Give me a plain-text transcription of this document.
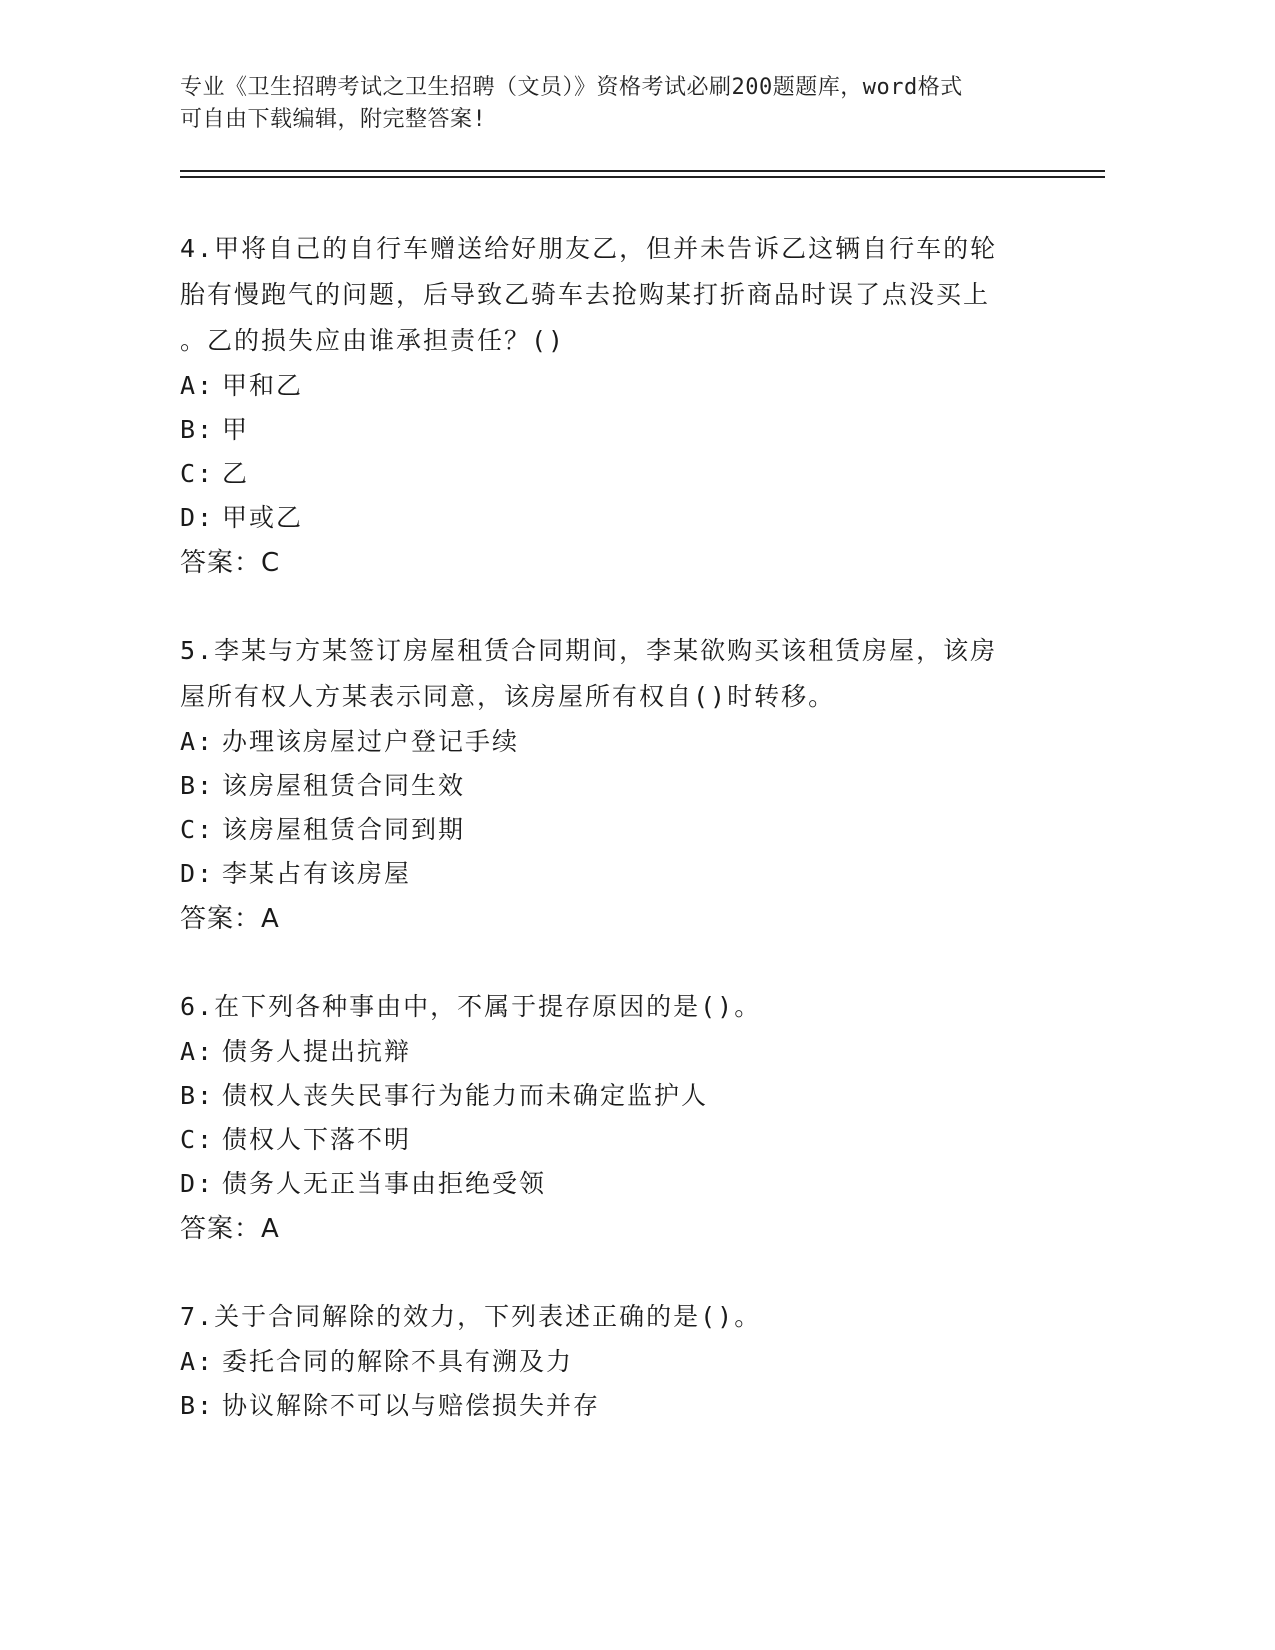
专业《卫生招聘考试之卫生招聘（文员）》资格考试必刷200题题库，word格式

可自由下载编辑，附完整答案!

4.甲将自己的自行车赠送给好朋友乙，但并未告诉乙这辆自行车的轮

胎有慢跑气的问题，后导致乙骑车去抢购某打折商品时误了点没买上

。乙的损失应由谁承担责任？()

A: 甲和乙

B: 甲

C: 乙

D: 甲或乙

答案：C

5.李某与方某签订房屋租赁合同期间，李某欲购买该租赁房屋，该房

屋所有权人方某表示同意，该房屋所有权自()时转移。

A: 办理该房屋过户登记手续

B: 该房屋租赁合同生效

C: 该房屋租赁合同到期

D: 李某占有该房屋

答案：A

6.在下列各种事由中，不属于提存原因的是()。

A: 债务人提出抗辩

B: 债权人丧失民事行为能力而未确定监护人

C: 债权人下落不明

D: 债务人无正当事由拒绝受领

答案：A

7.关于合同解除的效力，下列表述正确的是()。

A: 委托合同的解除不具有溯及力

B: 协议解除不可以与赔偿损失并存
